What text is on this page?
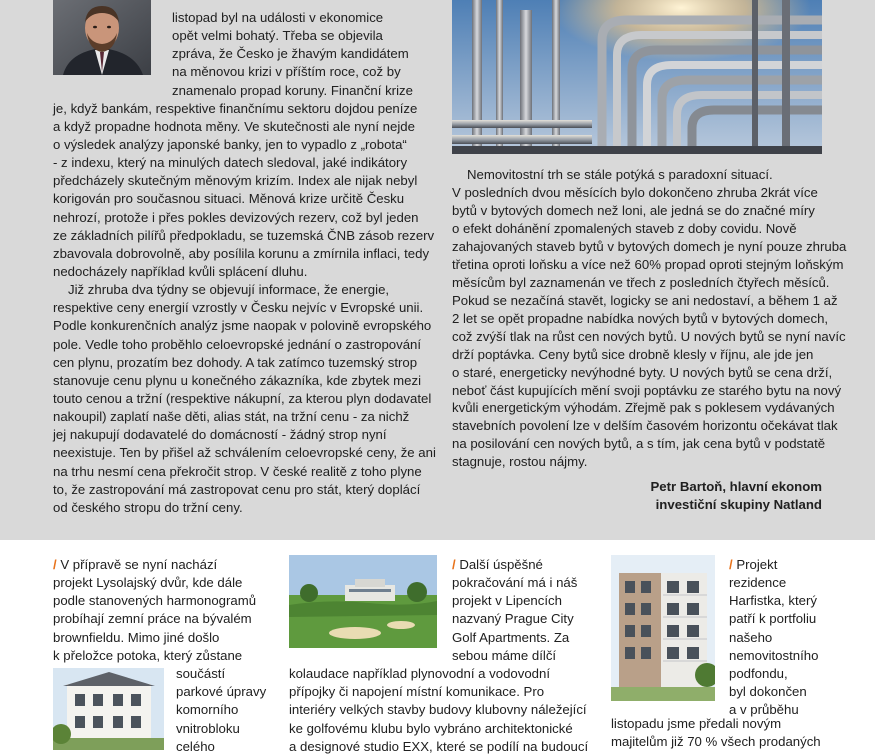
listopad byl na události v ekonomice

opět velmi bohatý. Třeba se objevila

zpráva, že Česko je žhavým kandidátem

na měnovou krizi v příštím roce, což by

znamenalo propad koruny. Finanční krize

je, když bankám, respektive finančnímu sektoru dojdou peníze

a když propadne hodnota měny. Ve skutečnosti ale nyní nejde

o výsledek analýzy japonské banky, jen to vypadlo z „robota“

- z indexu, který na minulých datech sledoval, jaké indikátory

předcházely skutečným měnovým krizím. Index ale nijak nebyl

korigován pro současnou situaci. Měnová krize určitě Česku

nehrozí, protože i přes pokles devizových rezerv, což byl jeden

ze základních pilířů předpokladu, se tuzemská ČNB zásob rezerv

zbavovala dobrovolně, aby posílila korunu a zmírnila inflaci, tedy

nedocházely například kvůli splácení dluhu.

Již zhruba dva týdny se objevují informace, že energie,

respektive ceny energií vzrostly v Česku nejvíc v Evropské unii.

Podle konkurenčních analýz jsme naopak v polovině evropského

pole. Vedle toho proběhlo celoevropské jednání o zastropování

cen plynu, prozatím bez dohody. A tak zatímco tuzemský strop

stanovuje cenu plynu u konečného zákazníka, kde zbytek mezi

touto cenou a tržní (respektive nákupní, za kterou plyn dodavatel

nakoupil) zaplatí naše děti, alias stát, na tržní cenu - za nichž

jej nakupují dodavatelé do domácností - žádný strop nyní

neexistuje. Ten by přišel až schválením celoevropské ceny, že ani

na trhu nesmí cena překročit strop. V české realitě z toho plyne

to, že zastropování má zastropovat cenu pro stát, který doplácí

od českého stropu do tržní ceny.

Nemovitostní trh se stále potýká s paradoxní situací.

V posledních dvou měsících bylo dokončeno zhruba 2krát více

bytů v bytových domech než loni, ale jedná se do značné míry

o efekt dohánění zpomalených staveb z doby covidu. Nově

zahajovaných staveb bytů v bytových domech je nyní pouze zhruba

třetina oproti loňsku a více než 60% propad oproti stejným loňským

měsícům byl zaznamenán ve třech z posledních čtyřech měsíců.

Pokud se nezačíná stavět, logicky se ani nedostaví, a během 1 až

2 let se opět propadne nabídka nových bytů v bytových domech,

což zvýší tlak na růst cen nových bytů. U nových bytů se nyní navíc

drží poptávka. Ceny bytů sice drobně klesly v říjnu, ale jde jen

o staré, energeticky nevýhodné byty. U nových bytů se cena drží,

neboť část kupujících mění svoji poptávku ze starého bytu na nový

kvůli energetickým výhodám. Zřejmě pak s poklesem vydávaných

stavebních povolení lze v delším časovém horizontu očekávat tlak

na posilování cen nových bytů, a s tím, jak cena bytů v podstatě

stagnuje, rostou nájmy.

Petr Bartoň, hlavní ekonom

investiční skupiny Natland

/ V přípravě se nyní nachází

projekt Lysolajský dvůr, kde dále

podle stanovených harmonogramů

probíhají zemní práce na bývalém

brownfieldu. Mimo jiné došlo

k přeložce potoka, který zůstane

součástí

parkové úpravy

komorního

vnitrobloku

celého

/ Další úspěšné

pokračování má i náš

projekt v Lipencích

nazvaný Prague City

Golf Apartments. Za

sebou máme dílčí

kolaudace například plynovodní a vodovodní

přípojky či napojení místní komunikace. Pro

interiéry velkých stavby budovy klubovny náležející

ke golfovému klubu bylo vybráno architektonické

a designové studio EXX, které se podílí na budoucí

/ Projekt

rezidence

Harfistka, který

patří k portfoliu

našeho

nemovitostního

podfondu,

byl dokončen

a v průběhu

listopadu jsme předali novým

majitelům již 70 % všech prodaných
